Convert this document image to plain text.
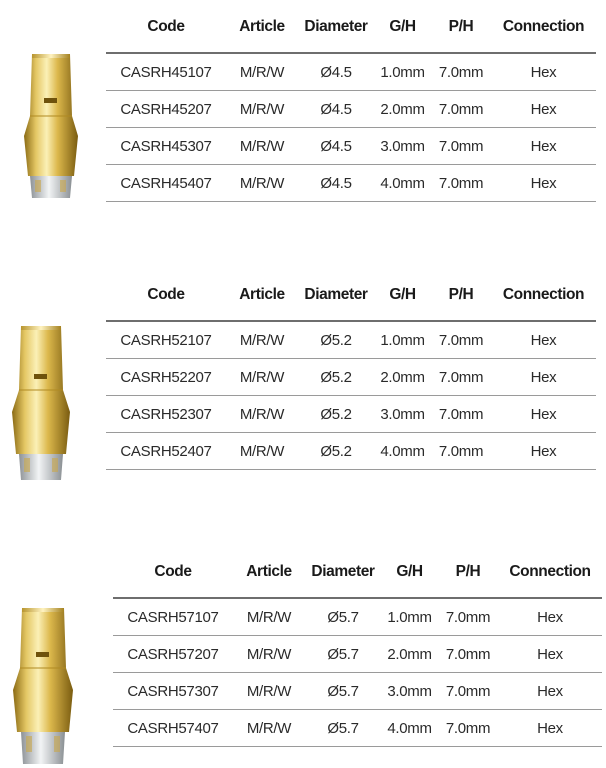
Code	Article	Diameter	G/H	P/H	Connection
CASRH45107	M/R/W	Ø4.5	1.0mm	7.0mm	Hex
CASRH45207	M/R/W	Ø4.5	2.0mm	7.0mm	Hex
CASRH45307	M/R/W	Ø4.5	3.0mm	7.0mm	Hex
CASRH45407	M/R/W	Ø4.5	4.0mm	7.0mm	Hex
Code	Article	Diameter	G/H	P/H	Connection
CASRH52107	M/R/W	Ø5.2	1.0mm	7.0mm	Hex
CASRH52207	M/R/W	Ø5.2	2.0mm	7.0mm	Hex
CASRH52307	M/R/W	Ø5.2	3.0mm	7.0mm	Hex
CASRH52407	M/R/W	Ø5.2	4.0mm	7.0mm	Hex
Code	Article	Diameter	G/H	P/H	Connection
CASRH57107	M/R/W	Ø5.7	1.0mm	7.0mm	Hex
CASRH57207	M/R/W	Ø5.7	2.0mm	7.0mm	Hex
CASRH57307	M/R/W	Ø5.7	3.0mm	7.0mm	Hex
CASRH57407	M/R/W	Ø5.7	4.0mm	7.0mm	Hex
